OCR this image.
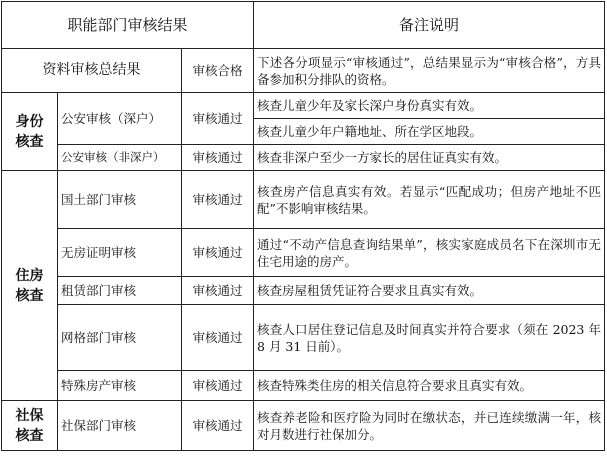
职能部门审核结果			备注说明
资料审核总结果		审核合格	下述各分项显示“审核通过”，总结果显示为“审核合格”，方具备参加积分排队的资格。

身份
核查	公安审核（深户）	审核通过	核查儿童少年及家长深户身份真实有效。
			核查儿童少年户籍地址、所在学区地段。
	公安审核（非深户）	审核通过	核查非深户至少一方家长的居住证真实有效。

住房
核查	国土部门审核	审核通过	核查房产信息真实有效。若显示“匹配成功；但房产地址不匹配”不影响审核结果。
	无房证明审核	审核通过	通过“不动产信息查询结果单”，核实家庭成员名下在深圳市无住宅用途的房产。
	租赁部门审核	审核通过	核查房屋租赁凭证符合要求且真实有效。
	网格部门审核	审核通过	核查人口居住登记信息及时间真实并符合要求（须在 2023 年 8 月 31 日前）。
	特殊房产审核	审核通过	核查特殊类住房的相关信息符合要求且真实有效。

社保
核查	社保部门审核	审核通过	核查养老险和医疗险为同时在缴状态，并已连续缴满一年，核对月数进行社保加分。
